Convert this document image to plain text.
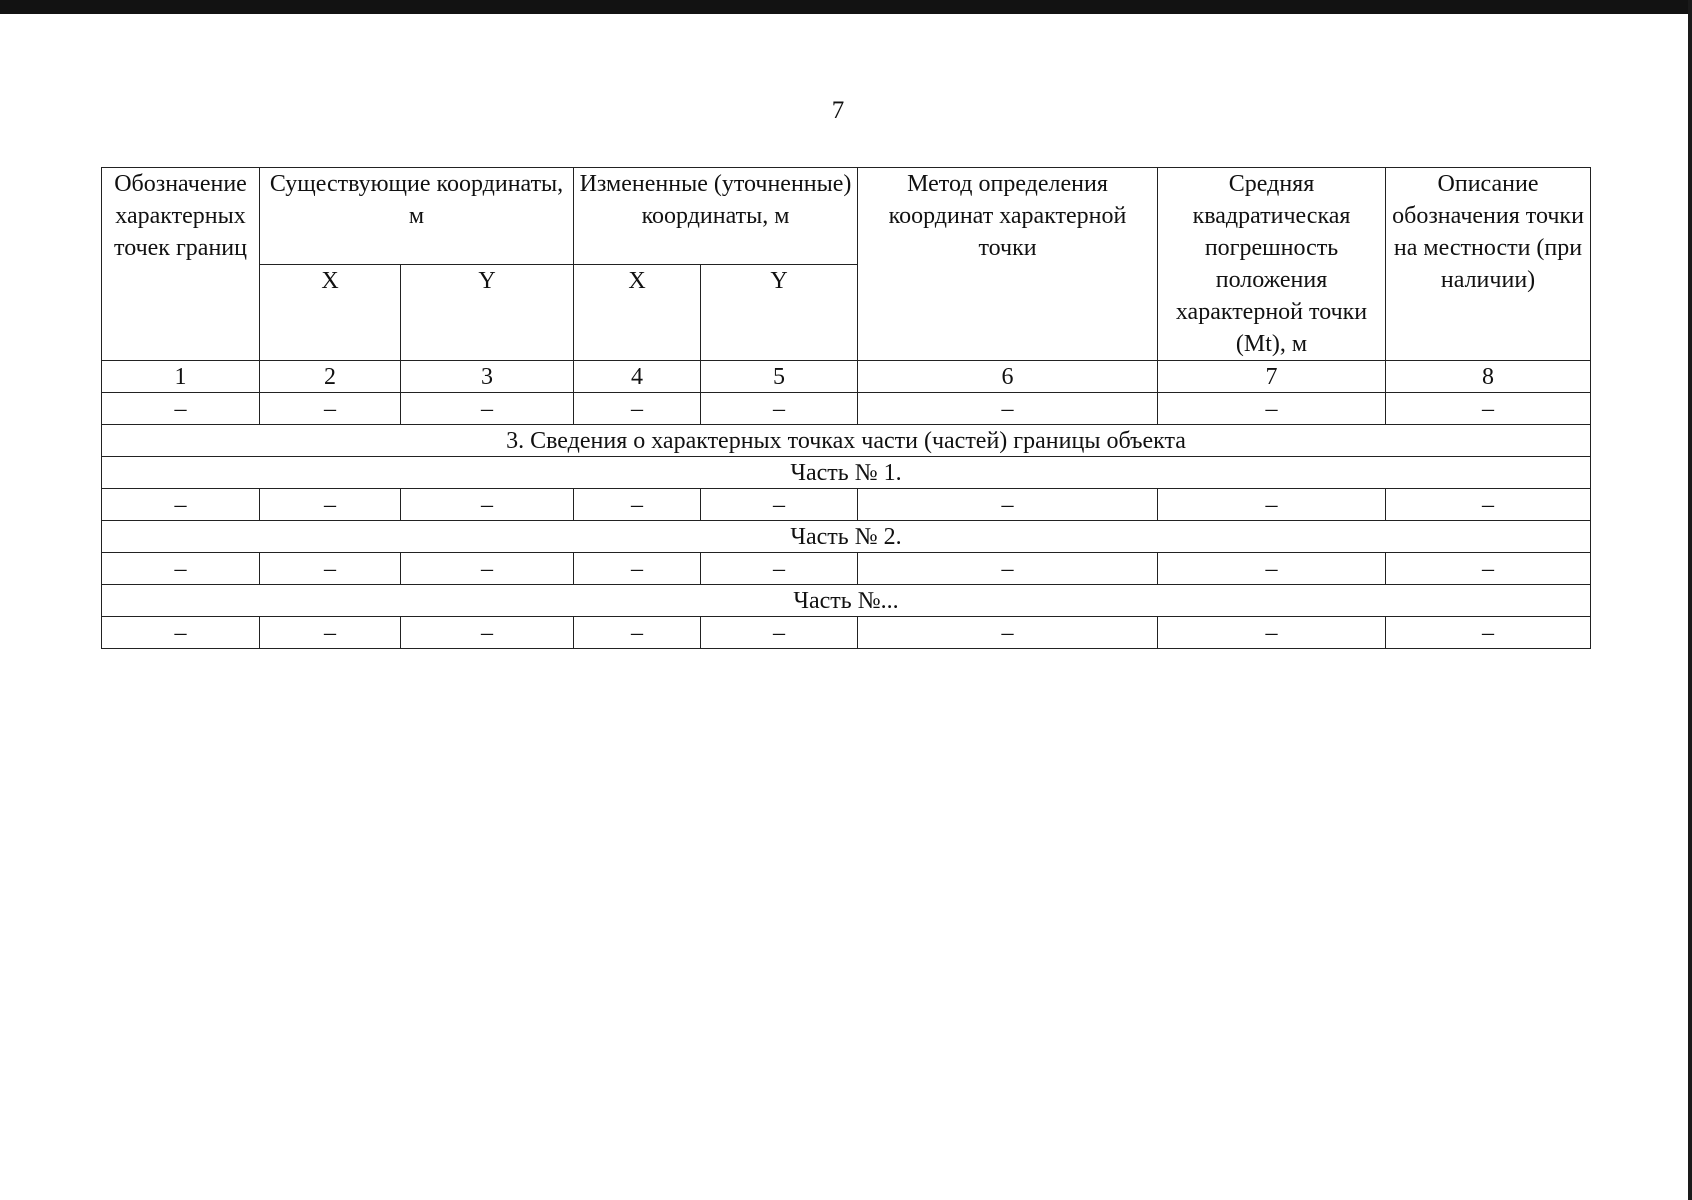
7
Обозначение характерных точек границ	Существующие координаты, м		Измененные (уточненные) координаты, м		Метод определения координат характерной точки	Средняя квадратическая погрешность положения характерной точки (Mt), м	Описание обозначения точки на местности (при наличии)
	X	Y	X	Y			
1	2	3	4	5	6	7	8
–	–	–	–	–	–	–	–
3. Сведения о характерных точках части (частей) границы объекта							
Часть № 1.							
–	–	–	–	–	–	–	–
Часть № 2.							
–	–	–	–	–	–	–	–
Часть №...							
–	–	–	–	–	–	–	–
